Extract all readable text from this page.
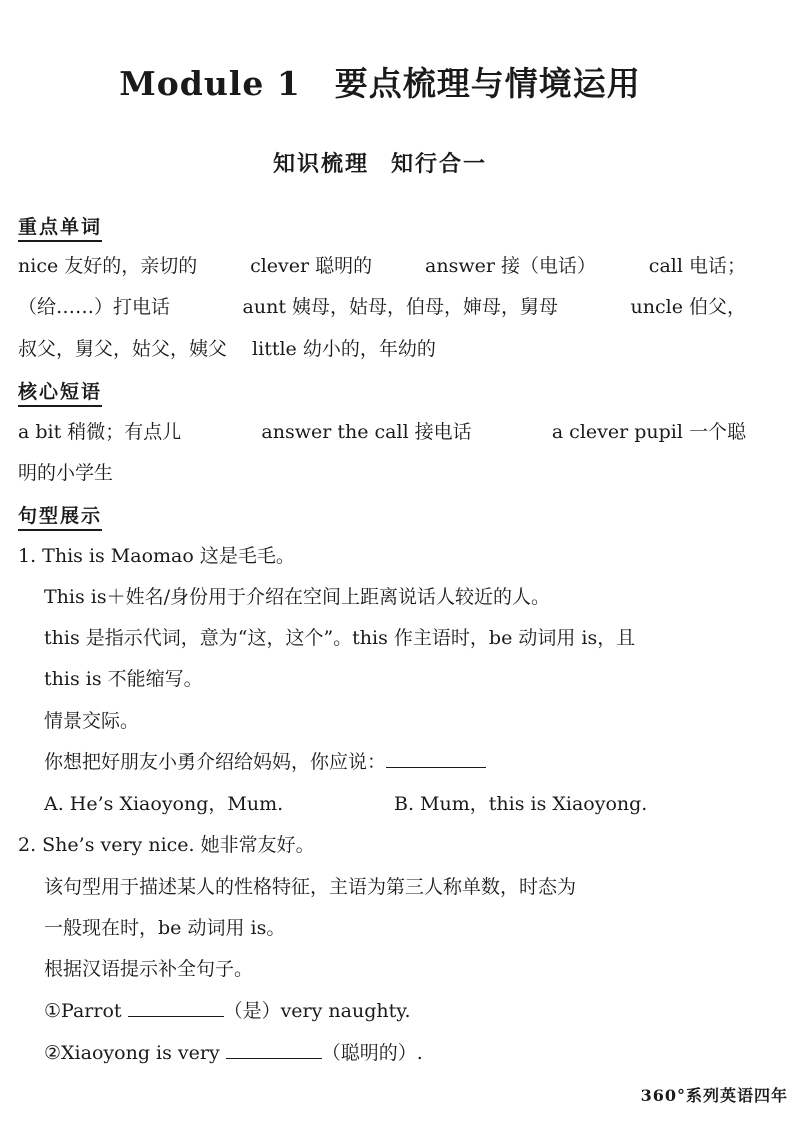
Module 1 要点梳理与情境运用
知识梳理 知行合一
重点单词
nice 友好的，亲切的	clever 聪明的	answer 接（电话）	call 电话；
（给……）打电话	aunt 姨母，姑母，伯母，婶母，舅母	uncle 伯父，
叔父，舅父，姑父，姨父　 little 幼小的，年幼的
核心短语
a bit 稍微；有点儿	answer the call 接电话	a clever pupil 一个聪
明的小学生
句型展示
1. This is Maomao 这是毛毛。
This is＋姓名/身份用于介绍在空间上距离说话人较近的人。
this 是指示代词，意为“这，这个”。this 作主语时，be 动词用 is，且
this is 不能缩写。
情景交际。
你想把好朋友小勇介绍给妈妈，你应说：
A. He’s Xiaoyong，Mum.	B. Mum，this is Xiaoyong.
2. She’s very nice. 她非常友好。
该句型用于描述某人的性格特征，主语为第三人称单数，时态为
一般现在时，be 动词用 is。
根据汉语提示补全句子。
①Parrot	（是）very naughty.
②Xiaoyong is very	（聪明的）.
360°系列英语四年
